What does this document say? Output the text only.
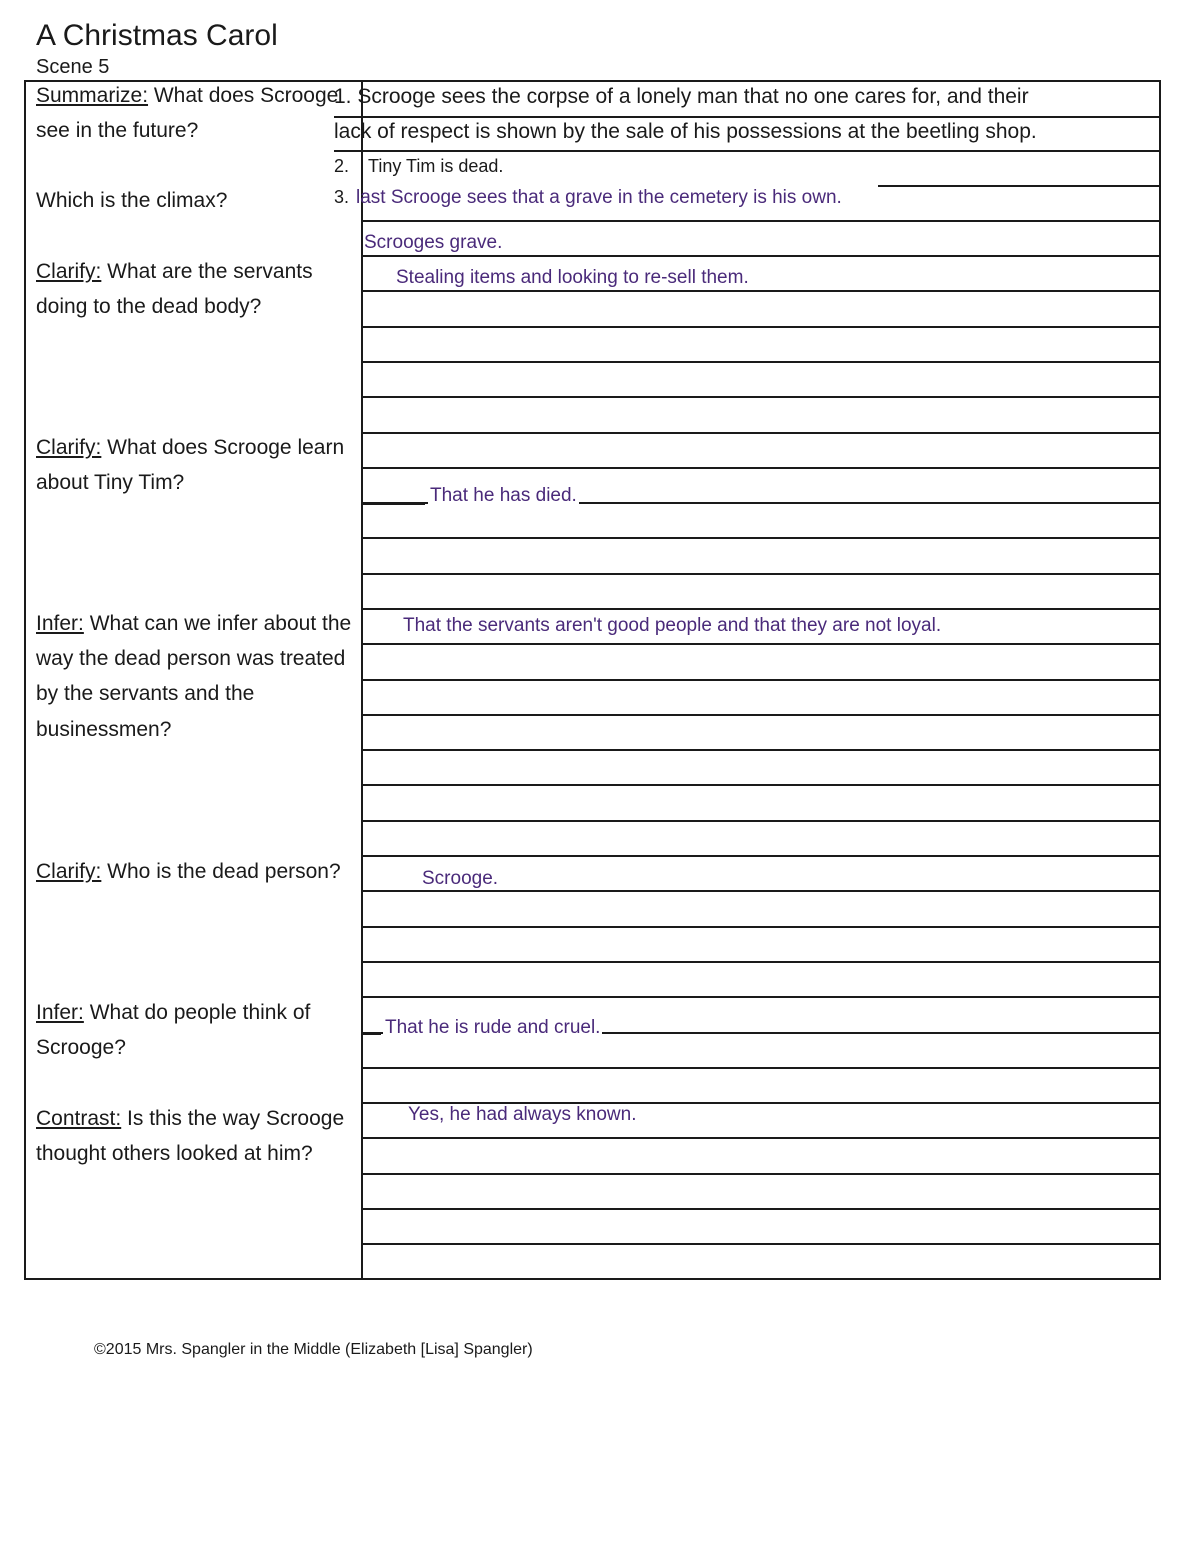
A Christmas Carol
Scene 5
Summarize: What does Scrooge see in the future?
Which is the climax?
Clarify: What are the servants doing to the dead body?
Clarify: What does Scrooge learn about Tiny Tim?
Infer: What can we infer about the way the dead person was treated by the servants and the businessmen?
Clarify: Who is the dead person?
Infer: What do people think of Scrooge?
Contrast: Is this the way Scrooge thought others looked at him?
1. Scrooge sees the corpse of a lonely man that no one cares for, and their
lack of respect is shown by the sale of his possessions at the beetling shop.
2. Tiny Tim is dead.
3. last Scrooge sees that a grave in the cemetery is his own.
Scrooges grave.
Stealing items and looking to re-sell them.
That he has died.
That the servants aren't good people and that they are not loyal.
Scrooge.
That he is rude and cruel.
Yes, he had always known.
©2015 Mrs. Spangler in the Middle (Elizabeth [Lisa] Spangler)
